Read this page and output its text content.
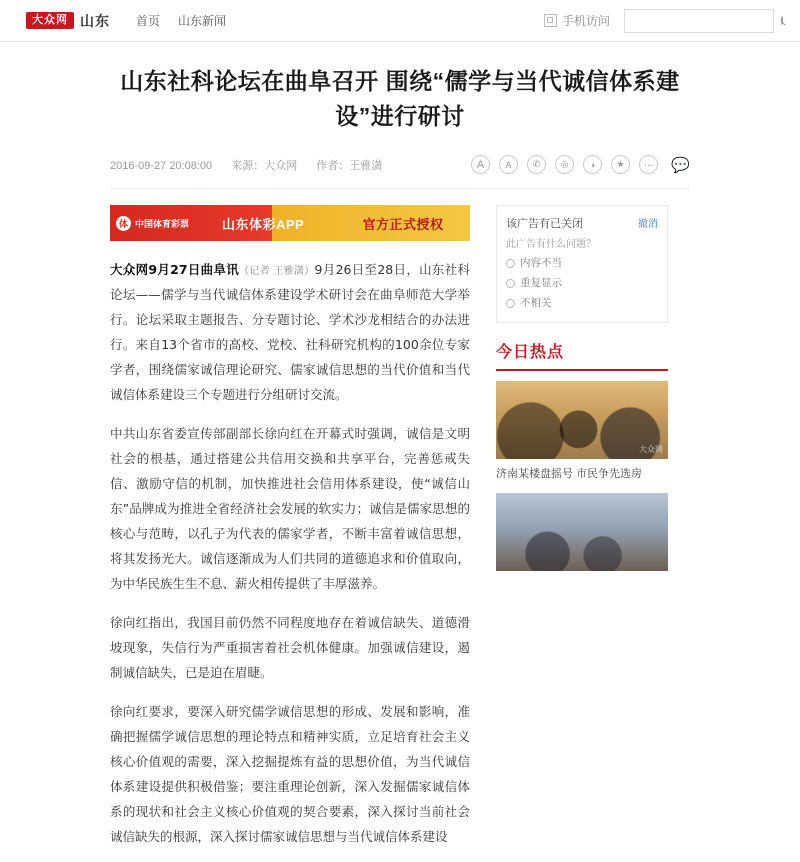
大众网 山东 首页 山东新闻	手机访问
山东社科论坛在曲阜召开 围绕“儒学与当代诚信体系建设”进行研讨
2016-09-27 20:08:00 来源：大众网 作者：王雅潇	A	A	✆	◎	◑	★	···	💬
体 中国体育彩票	山东体彩APP	官方正式授权

大众网9月27日曲阜讯（记者 王雅潇）9月26日至28日，山东社科论坛——儒学与当代诚信体系建设学术研讨会在曲阜师范大学举行。论坛采取主题报告、分专题讨论、学术沙龙相结合的办法进行。来自13个省市的高校、党校、社科研究机构的100余位专家学者，围绕儒家诚信理论研究、儒家诚信思想的当代价值和当代诚信体系建设三个专题进行分组研讨交流。

中共山东省委宣传部副部长徐向红在开幕式时强调，诚信是文明社会的根基，通过搭建公共信用交换和共享平台，完善惩戒失信、激励守信的机制，加快推进社会信用体系建设，使“诚信山东”品牌成为推进全省经济社会发展的软实力；诚信是儒家思想的核心与范畴，以孔子为代表的儒家学者，不断丰富着诚信思想，将其发扬光大。诚信逐渐成为人们共同的道德追求和价值取向，为中华民族生生不息、薪火相传提供了丰厚滋养。

徐向红指出，我国目前仍然不同程度地存在着诚信缺失、道德滑坡现象，失信行为严重损害着社会机体健康。加强诚信建设，遏制诚信缺失，已是迫在眉睫。

徐向红要求，要深入研究儒学诚信思想的形成、发展和影响，准确把握儒学诚信思想的理论特点和精神实质，立足培育社会主义核心价值观的需要，深入挖掘提炼有益的思想价值，为当代诚信体系建设提供积极借鉴；要注重理论创新，深入发掘儒家诚信体系的现状和社会主义核心价值观的契合要素，深入探讨当前社会诚信缺失的根源，深入探讨儒家诚信思想与当代诚信体系建设

该广告有已关闭	撤消
此广告有什么问题？
内容不当
重复显示
不相关
今日热点
大众网
济南某楼盘摇号 市民争先选房
